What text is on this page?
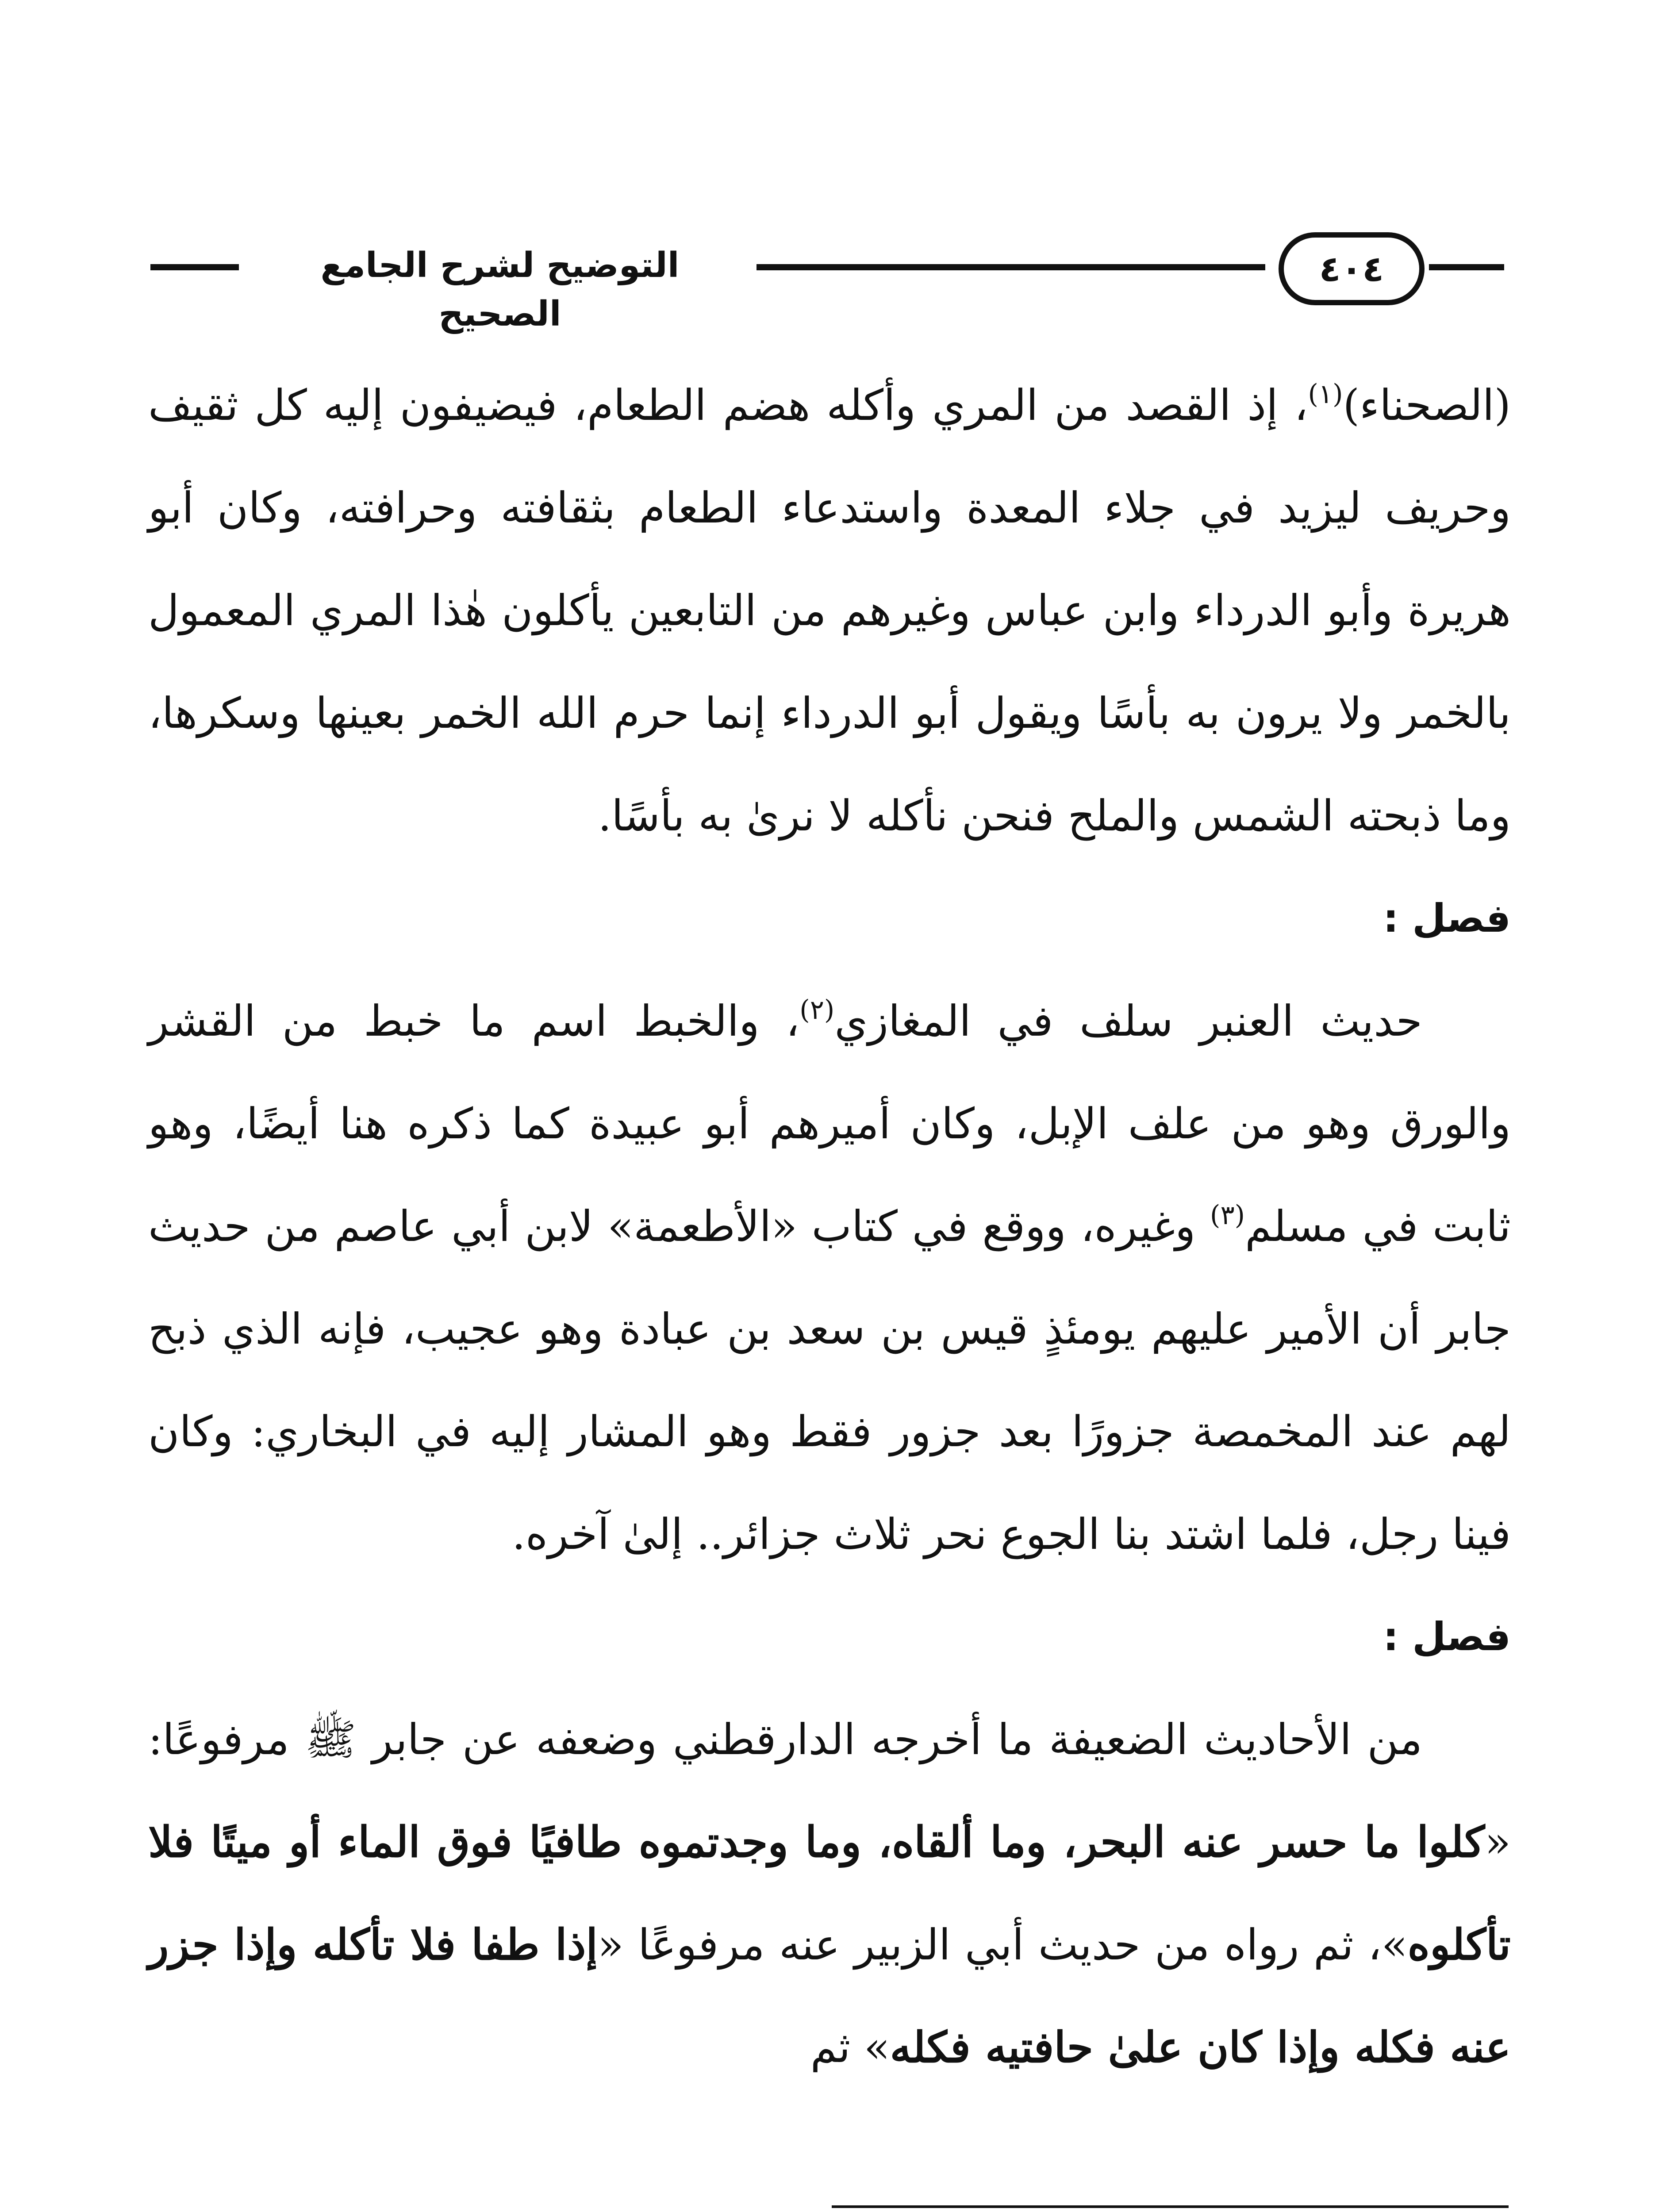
التوضيح لشرح الجامع الصحيح
٤٠٤

(الصحناء)$^{(١)}$، إذ القصد من المري وأكله هضم الطعام، فيضيفون إليه كل ثقيف وحريف ليزيد في جلاء المعدة واستدعاء الطعام بثقافته وحرافته، وكان أبو هريرة وأبو الدرداء وابن عباس وغيرهم من التابعين يأكلون هٰذا المري المعمول بالخمر ولا يرون به بأسًا ويقول أبو الدرداء إنما حرم الله الخمر بعينها وسكرها، وما ذبحته الشمس والملح فنحن نأكله لا نرىٰ به بأسًا.

فصل :

حديث العنبر سلف في المغازي$^{(٢)}$، والخبط اسم ما خبط من القشر والورق وهو من علف الإبل، وكان أميرهم أبو عبيدة كما ذكره هنا أيضًا، وهو ثابت في مسلم$^{(٣)}$ وغيره، ووقع في كتاب «الأطعمة» لابن أبي عاصم من حديث جابر أن الأمير عليهم يومئذٍ قيس بن سعد بن عبادة وهو عجيب، فإنه الذي ذبح لهم عند المخمصة جزورًا بعد جزور فقط وهو المشار إليه في البخاري: وكان فينا رجل، فلما اشتد بنا الجوع نحر ثلاث جزائر.. إلىٰ آخره.

فصل :

من الأحاديث الضعيفة ما أخرجه الدارقطني وضعفه عن جابر ﷺ مرفوعًا: «كلوا ما حسر عنه البحر، وما ألقاه، وما وجدتموه طافيًا فوق الماء أو ميتًا فلا تأكلوه»، ثم رواه من حديث أبي الزبير عنه مرفوعًا «إذا طفا فلا تأكله وإذا جزر عنه فكله وإذا كان علىٰ حافتيه فكله» ثم
